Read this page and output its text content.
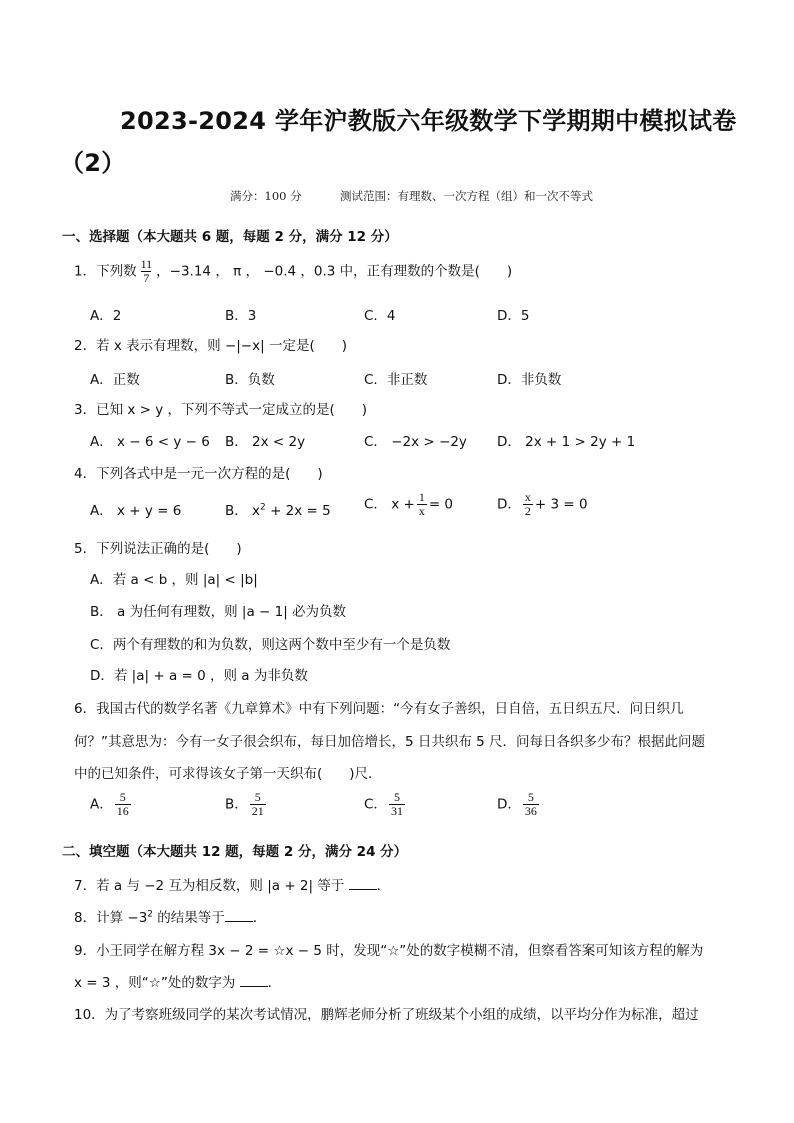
2023-2024 学年沪教版六年级数学下学期期中模拟试卷
（2）
满分：100 分	测试范围：有理数、一次方程（组）和一次不等式
一、选择题（本大题共 6 题，每题 2 分，满分 12 分）
1．下列数 $\frac{11}{7}$ ，−3.14 ， π ， −0.4 ，0.3 中，正有理数的个数是(　　)
A．2	B．3	C．4	D．5
2．若 x 表示有理数，则 −|−x| 一定是(　　)
A．正数	B．负数	C．非正数	D．非负数
3．已知 x > y ，下列不等式一定成立的是(　　)
A． x − 6 < y − 6 B． 2x < 2y	C． −2x > −2y D． 2x + 1 > 2y + 1
4．下列各式中是一元一次方程的是(　　)
A． x + y = 6	B． $x^2 + 2x = 5$ C． $x + \frac{1}{x} = 0$	D． $\frac{x}{2} + 3 = 0$
5．下列说法正确的是(　　)
A．若 a < b ，则 |a| < |b|
B． a 为任何有理数，则 |a − 1| 必为负数
C．两个有理数的和为负数，则这两个数中至少有一个是负数
D．若 |a| + a = 0 ，则 a 为非负数
6．我国古代的数学名著《九章算术》中有下列问题：“今有女子善织，日自倍，五日织五尺．问日织几
何？”其意思为：今有一女子很会织布，每日加倍增长，5 日共织布 5 尺．问每日各织多少布？根据此问题
中的已知条件，可求得该女子第一天织布(　　)尺．
A． $\frac{5}{16}$	B． $\frac{5}{21}$	C． $\frac{5}{31}$	D． $\frac{5}{36}$
二、填空题（本大题共 12 题，每题 2 分，满分 24 分）
7．若 a 与 −2 互为相反数，则 |a + 2| 等于 ．
8．计算 $-3^2$ 的结果等于 ．
9．小王同学在解方程 3x − 2 = ☆x − 5 时，发现“☆”处的数字模糊不清，但察看答案可知该方程的解为
x = 3 ，则“☆”处的数字为 ．
10．为了考察班级同学的某次考试情况，鹏辉老师分析了班级某个小组的成绩，以平均分作为标准，超过
